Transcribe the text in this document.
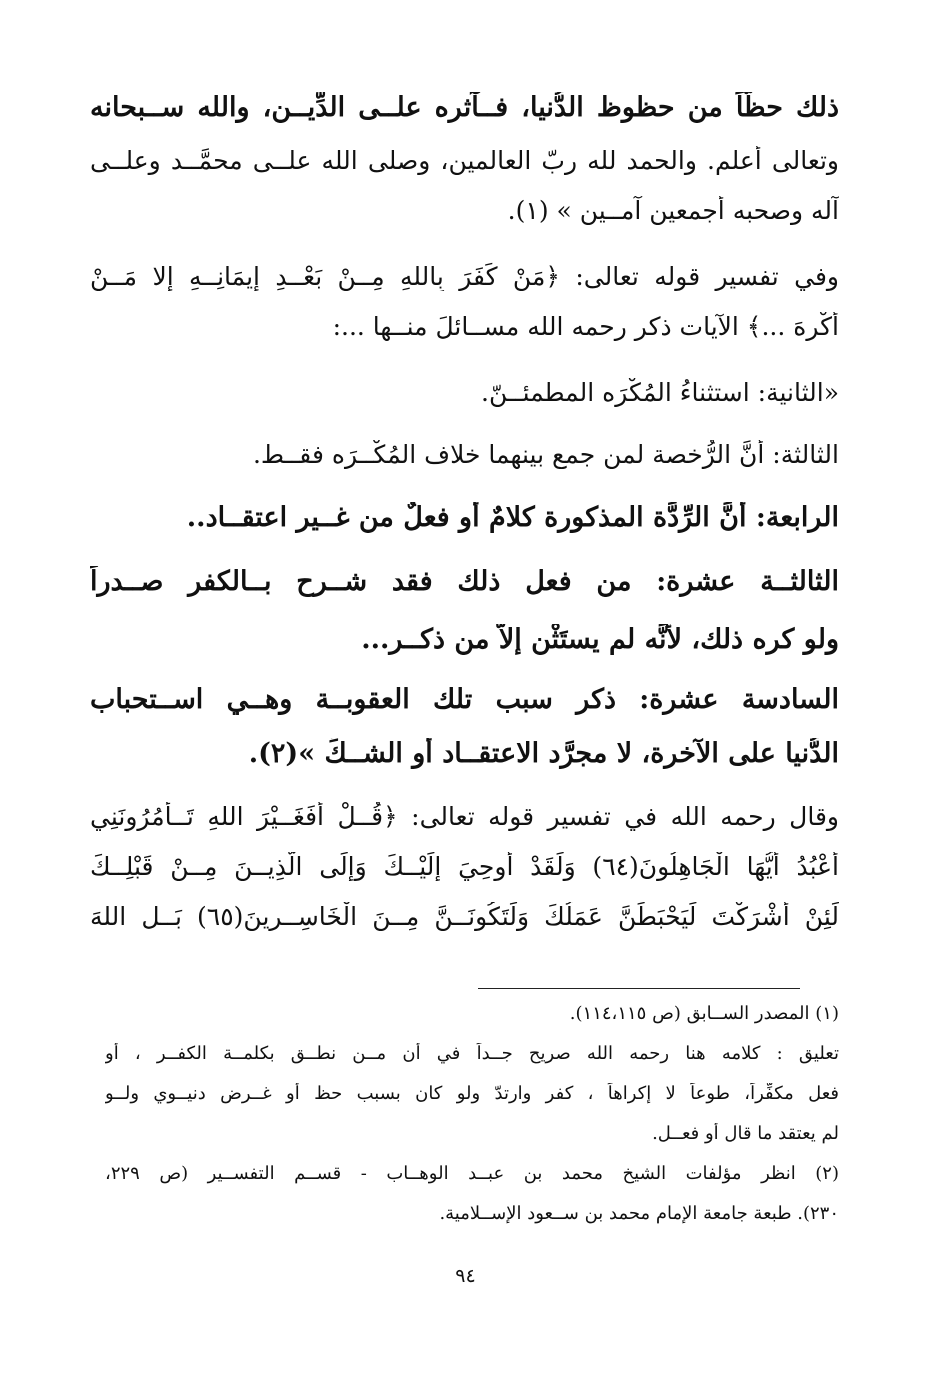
ذلك حظّاً من حظوظ الدُّنيا، فــآثره علــى الدِّيــن، والله ســبحانه
وتعالى أعلم. والحمد لله ربّ العالمين، وصلى الله علــى محمَّــد وعلــى
آله وصحبه أجمعين آمــين » (١).
وفي تفسير قوله تعالى: ﴿مَنْ كَفَرَ بِاللهِ مِــنْ بَعْــدِ إِيمَانِــهِ إِلا مَــنْ
أُكْرِهَ ...﴾ الآيات ذكر رحمه الله مســائلَ منــها ...:
«الثانية: استثناءُ المُكْرَه المطمئــنّ.
الثالثة: أنَّ الرُّخصة لمن جمع بينهما خلاف المُكْــرَه فقــط.
الرابعة: أنَّ الرِّدَّة المذكورة كلامٌ أو فعلٌ من غــير اعتقــاد..
الثالثــة عشرة: من فعل ذلك فقد شــرح بــالكفر صــدراً
ولو كره ذلك، لأنَّه لم يستَثْنِ إلاَّ من ذكــر...
السادسة عشرة: ذكر سبب تلك العقوبــة وهــي اســتحباب
الدُّنيا على الآخرة، لا مجرَّد الاعتقــاد أو الشــكِّ »(٢).
وقال رحمه الله في تفسير قوله تعالى: ﴿قُــلْ أَفَغَــيْرَ اللهِ تَــأْمُرُونَنِي
أَعْبُدُ أَيُّهَا الْجَاهِلُونَ(٦٤) وَلَقَدْ أُوحِيَ إِلَيْــكَ وَإِلَى الَّذِيــنَ مِــنْ قَبْلِــكَ
لَئِنْ أَشْرَكْتَ لَيَحْبَطَنَّ عَمَلُكَ وَلَتَكُونَــنَّ مِــنَ الْخَاسِــرِينَ(٦٥) بَــلِ اللهَ
(١) المصدر الســابق (ص ١١٤،١١٥).
تعليق : كلامه هنا رحمه الله صريح جــداً في أن مــن نطــق بكلمــة الكفــر ، أو
فعل مكفِّراً، طوعاً لا إكراهاً ، كفر وارتدّ ولو كان بسبب حظ أو غــرض دنيــوي ولــو
لم يعتقد ما قال أو فعــل.
(٢) انظر مؤلفات الشيخ محمد بن عبــد الوهــاب - قســم التفســير (ص ٢٢٩،
٢٣٠). طبعة جامعة الإمام محمد بن ســعود الإســلامية.
٩٤
